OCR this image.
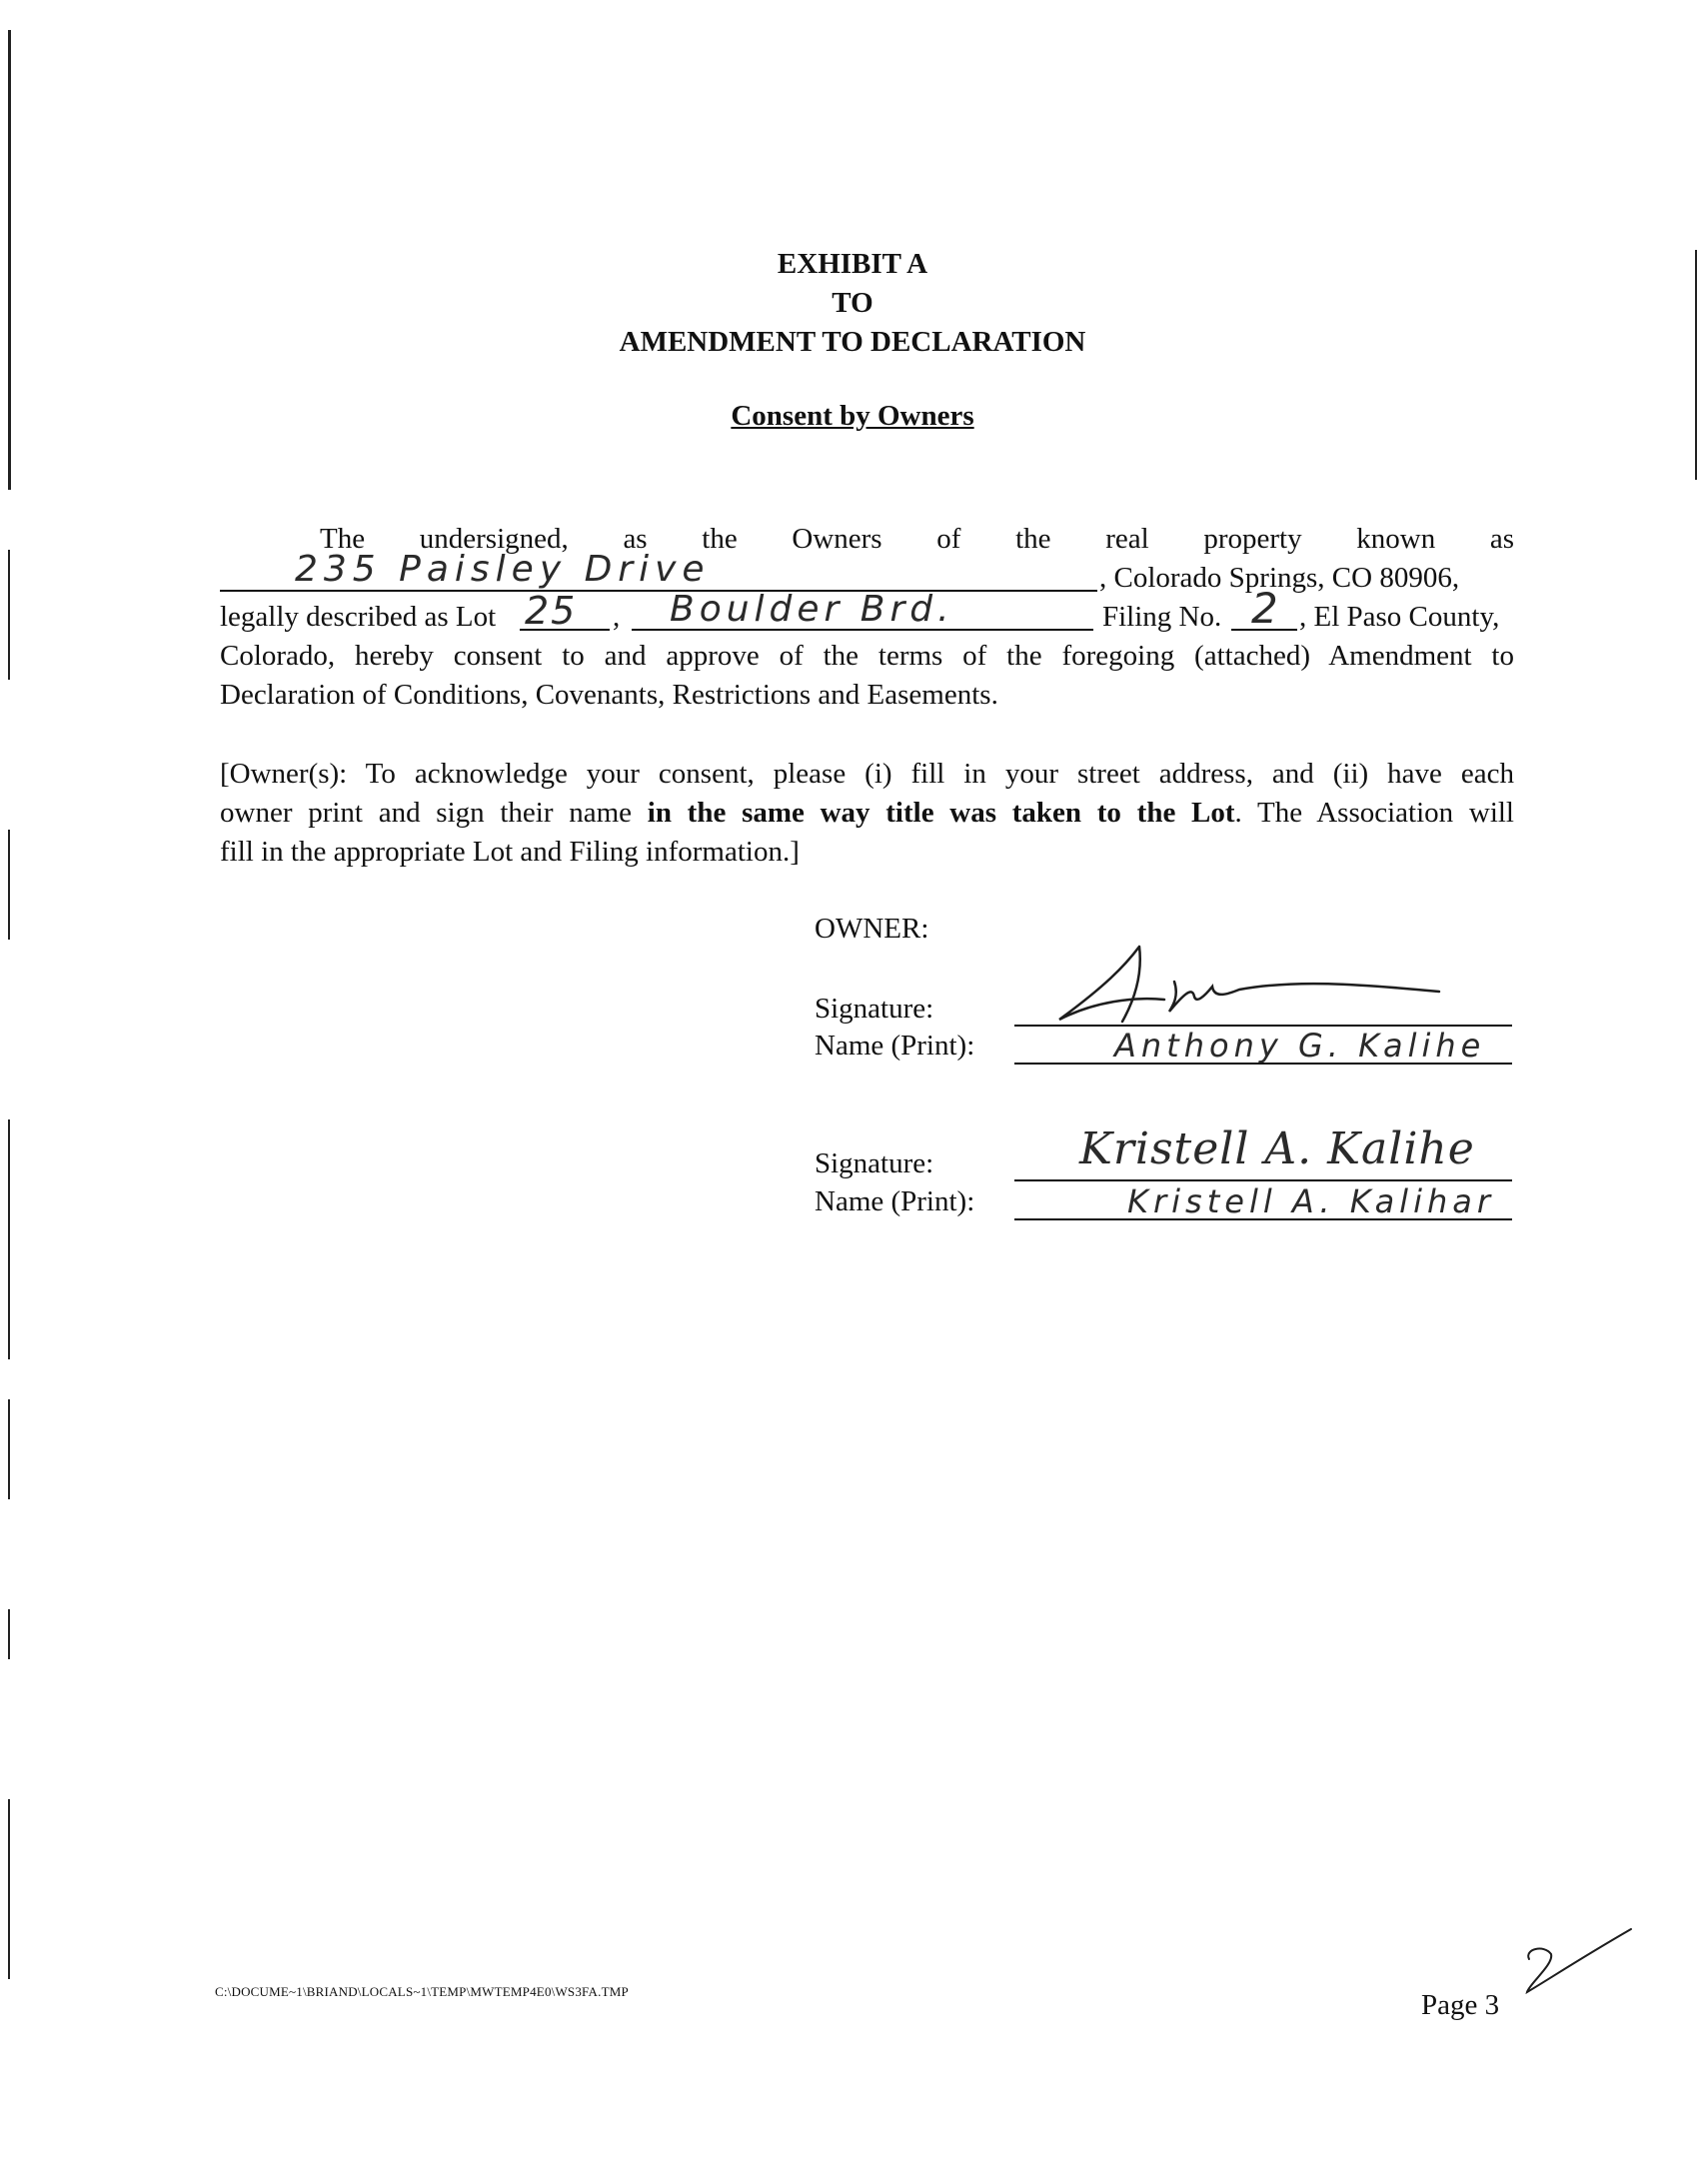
EXHIBIT A
TO
AMENDMENT TO DECLARATION
Consent by Owners
The undersigned, as the Owners of the real property known as
235 Paisley Drive	, Colorado Springs, CO 80906,
legally described as Lot 25 , Boulder Brd.	Filing No. 2 , El Paso County,
Colorado, hereby consent to and approve of the terms of the foregoing (attached) Amendment to
Declaration of Conditions, Covenants, Restrictions and Easements.
[Owner(s): To acknowledge your consent, please (i) fill in your street address, and (ii) have each
owner print and sign their name in the same way title was taken to the Lot. The Association will
fill in the appropriate Lot and Filing information.]
OWNER:
Signature:
Name (Print):	Anthony G. Kalihe
Signature:	Kristell A. Kalihe
Name (Print):	Kristell A. Kalihar
C:\DOCUME~1\BRIAND\LOCALS~1\TEMP\MWTEMP4E0\WS3FA.TMP	Page 3
